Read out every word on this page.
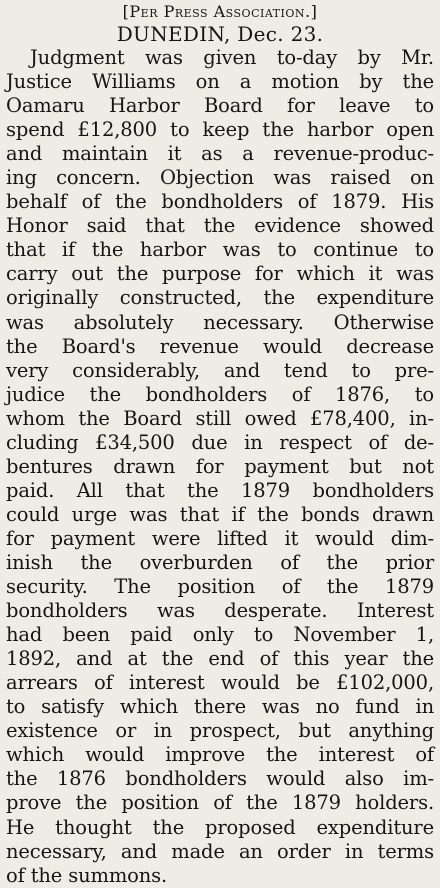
[Per Press Association.]

DUNEDIN, Dec. 23.

Judgment was given to-day by Mr.
Justice Williams on a motion by the
Oamaru Harbor Board for leave to
spend £12,800 to keep the harbor open
and maintain it as a revenue-produc-
ing concern. Objection was raised on
behalf of the bondholders of 1879. His
Honor said that the evidence showed
that if the harbor was to continue to
carry out the purpose for which it was
originally constructed, the expenditure
was absolutely necessary. Otherwise
the Board's revenue would decrease
very considerably, and tend to pre-
judice the bondholders of 1876, to
whom the Board still owed £78,400, in-
cluding £34,500 due in respect of de-
bentures drawn for payment but not
paid. All that the 1879 bondholders
could urge was that if the bonds drawn
for payment were lifted it would dim-
inish the overburden of the prior
security. The position of the 1879
bondholders was desperate. Interest
had been paid only to November 1,
1892, and at the end of this year the
arrears of interest would be £102,000,
to satisfy which there was no fund in
existence or in prospect, but anything
which would improve the interest of
the 1876 bondholders would also im-
prove the position of the 1879 holders.
He thought the proposed expenditure
necessary, and made an order in terms
of the summons.
